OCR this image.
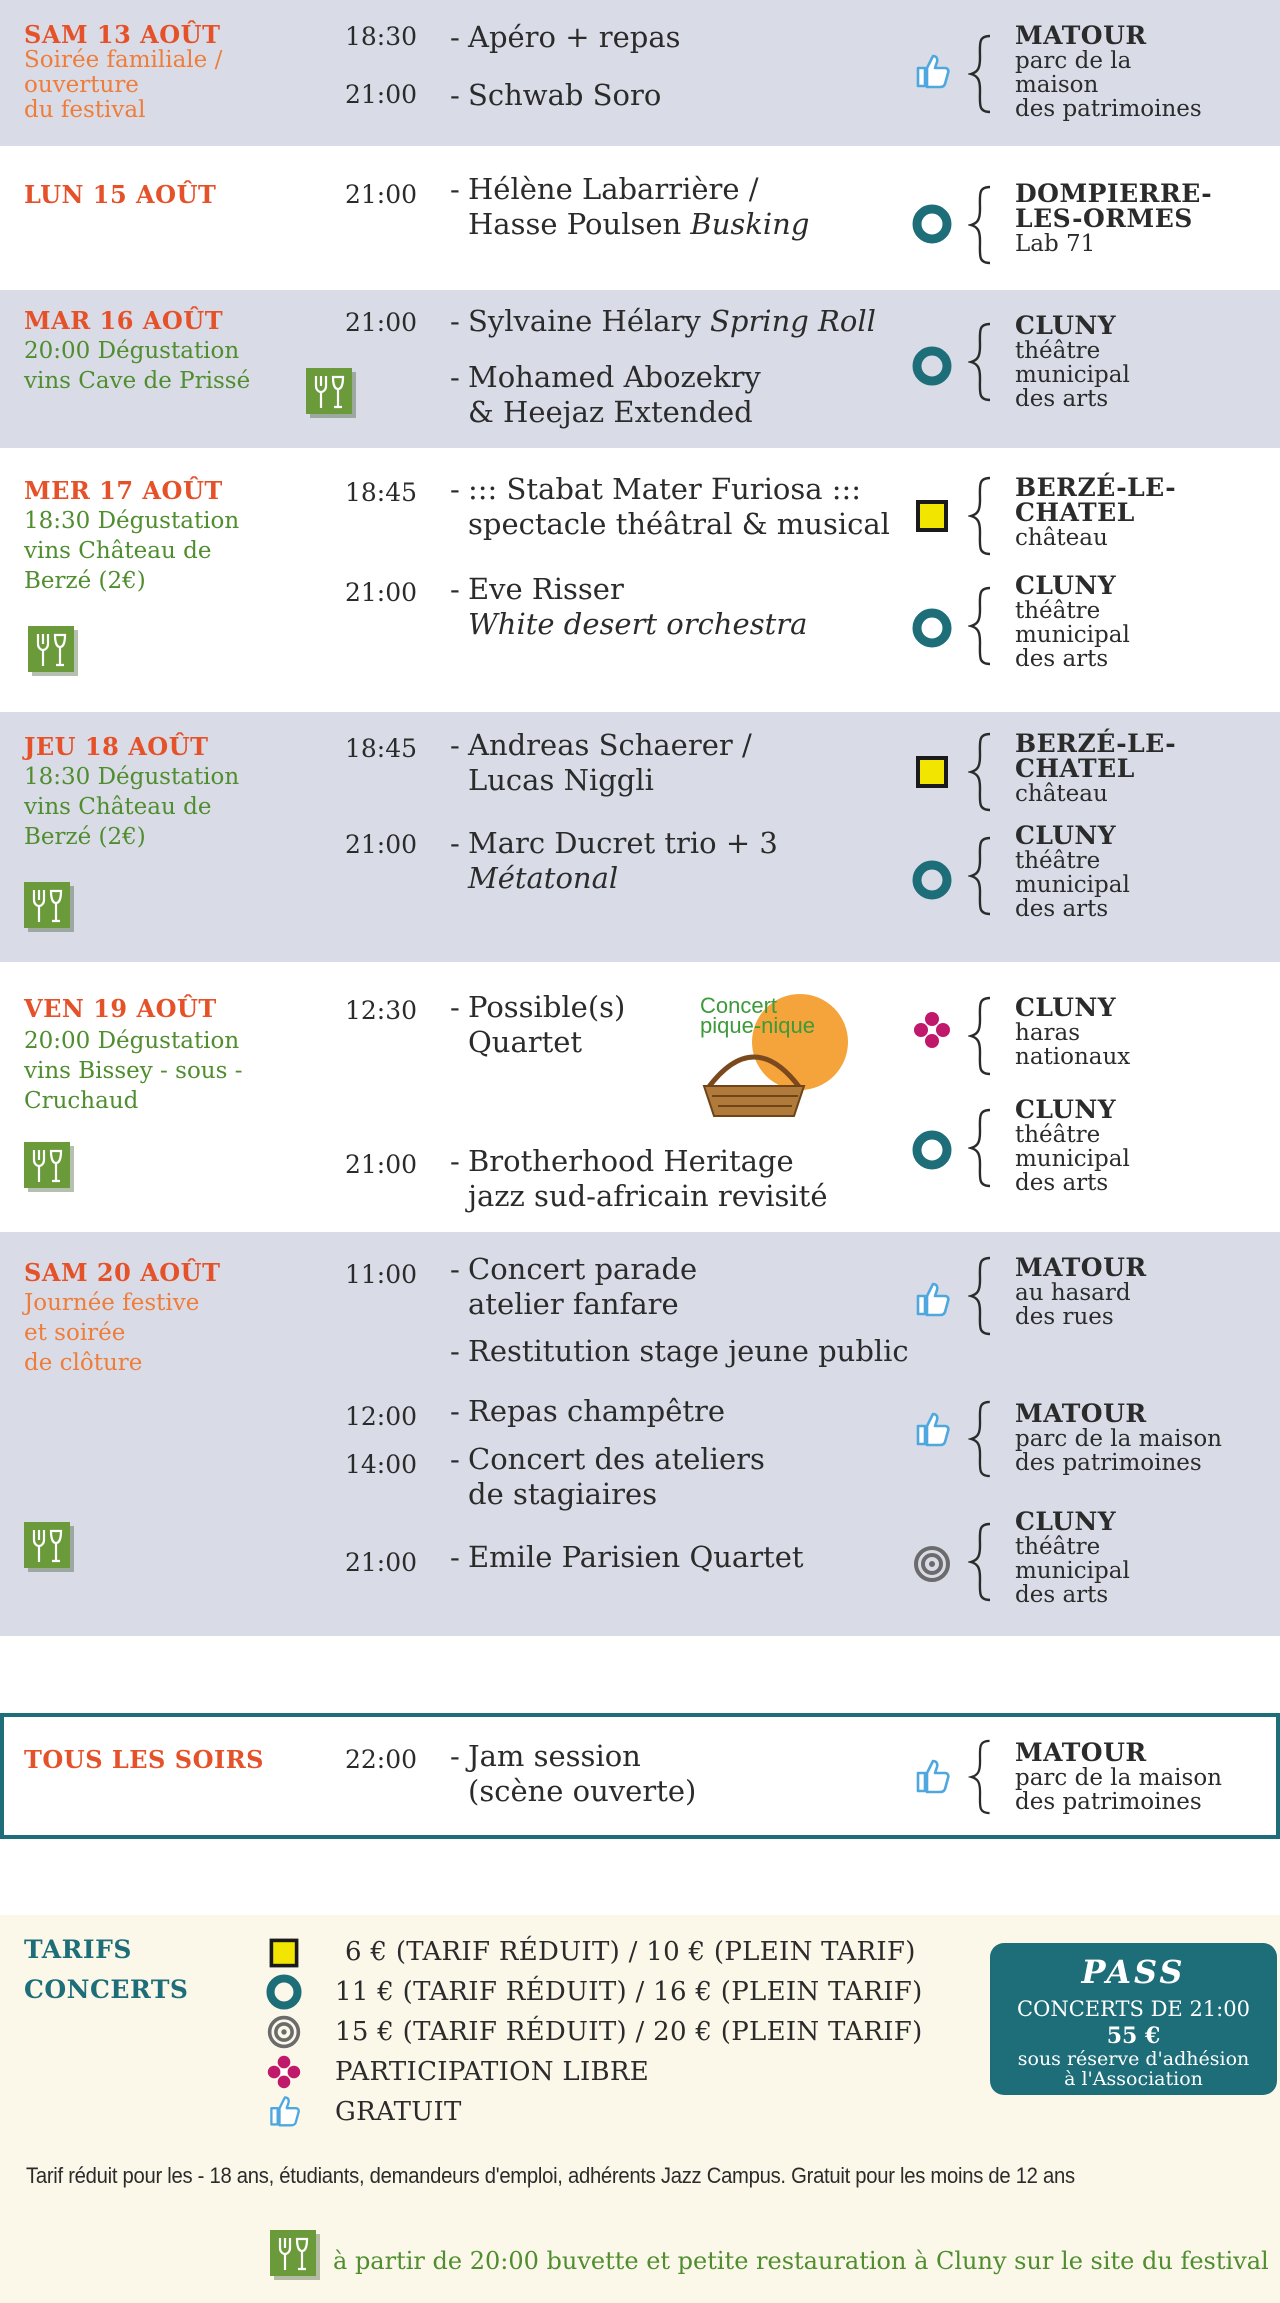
SAM 13 AOÛT
Soirée familiale /
ouverture
du festival
18:30 - Apéro + repas
21:00 - Schwab Soro
MATOUR
parc de la
maison
des patrimoines
LUN 15 AOÛT	21:00 - Hélène Labarrière /
Hasse Poulsen Busking
DOMPIERRE-
LES-ORMES
Lab 71
MAR 16 AOÛT
20:00 Dégustation
vins Cave de Prissé
21:00 - Sylvaine Hélary Spring Roll
- Mohamed Abozekry
& Heejaz Extended
CLUNY
théâtre
municipal
des arts
MER 17 AOÛT
18:30 Dégustation
vins Château de
Berzé (2€)
18:45 - ::: Stabat Mater Furiosa :::
spectacle théâtral & musical
21:00 - Eve Risser
White desert orchestra
BERZÉ-LE-
CHATEL
château
CLUNY
théâtre
municipal
des arts
JEU 18 AOÛT
18:30 Dégustation
vins Château de
Berzé (2€)
18:45 - Andreas Schaerer /
Lucas Niggli
21:00 - Marc Ducret trio + 3
Métatonal
BERZÉ-LE-
CHATEL
château
CLUNY
théâtre
municipal
des arts
VEN 19 AOÛT
20:00 Dégustation
vins Bissey - sous -
Cruchaud
12:30 - Possible(s)
Quartet
Concert
pique-nique
21:00 - Brotherhood Heritage
jazz sud-africain revisité
CLUNY
haras
nationaux
CLUNY
théâtre
municipal
des arts
SAM 20 AOÛT
Journée festive
et soirée
de clôture
11:00 - Concert parade
atelier fanfare
- Restitution stage jeune public
12:00 - Repas champêtre
14:00 - Concert des ateliers
de stagiaires
21:00 - Emile Parisien Quartet
MATOUR
au hasard
des rues
MATOUR
parc de la maison
des patrimoines
CLUNY
théâtre
municipal
des arts
TOUS LES SOIRS	22:00 - Jam session
(scène ouverte)
MATOUR
parc de la maison
des patrimoines
TARIFS
CONCERTS
6 € (TARIF RÉDUIT) / 10 € (PLEIN TARIF)
11 € (TARIF RÉDUIT) / 16 € (PLEIN TARIF)
15 € (TARIF RÉDUIT) / 20 € (PLEIN TARIF)
PARTICIPATION LIBRE
GRATUIT
PASS
CONCERTS DE 21:00
55 €
sous réserve d'adhésion
à l'Association
Tarif réduit pour les - 18 ans, étudiants, demandeurs d'emploi, adhérents Jazz Campus. Gratuit pour les moins de 12 ans
à partir de 20:00 buvette et petite restauration à Cluny sur le site du festival
